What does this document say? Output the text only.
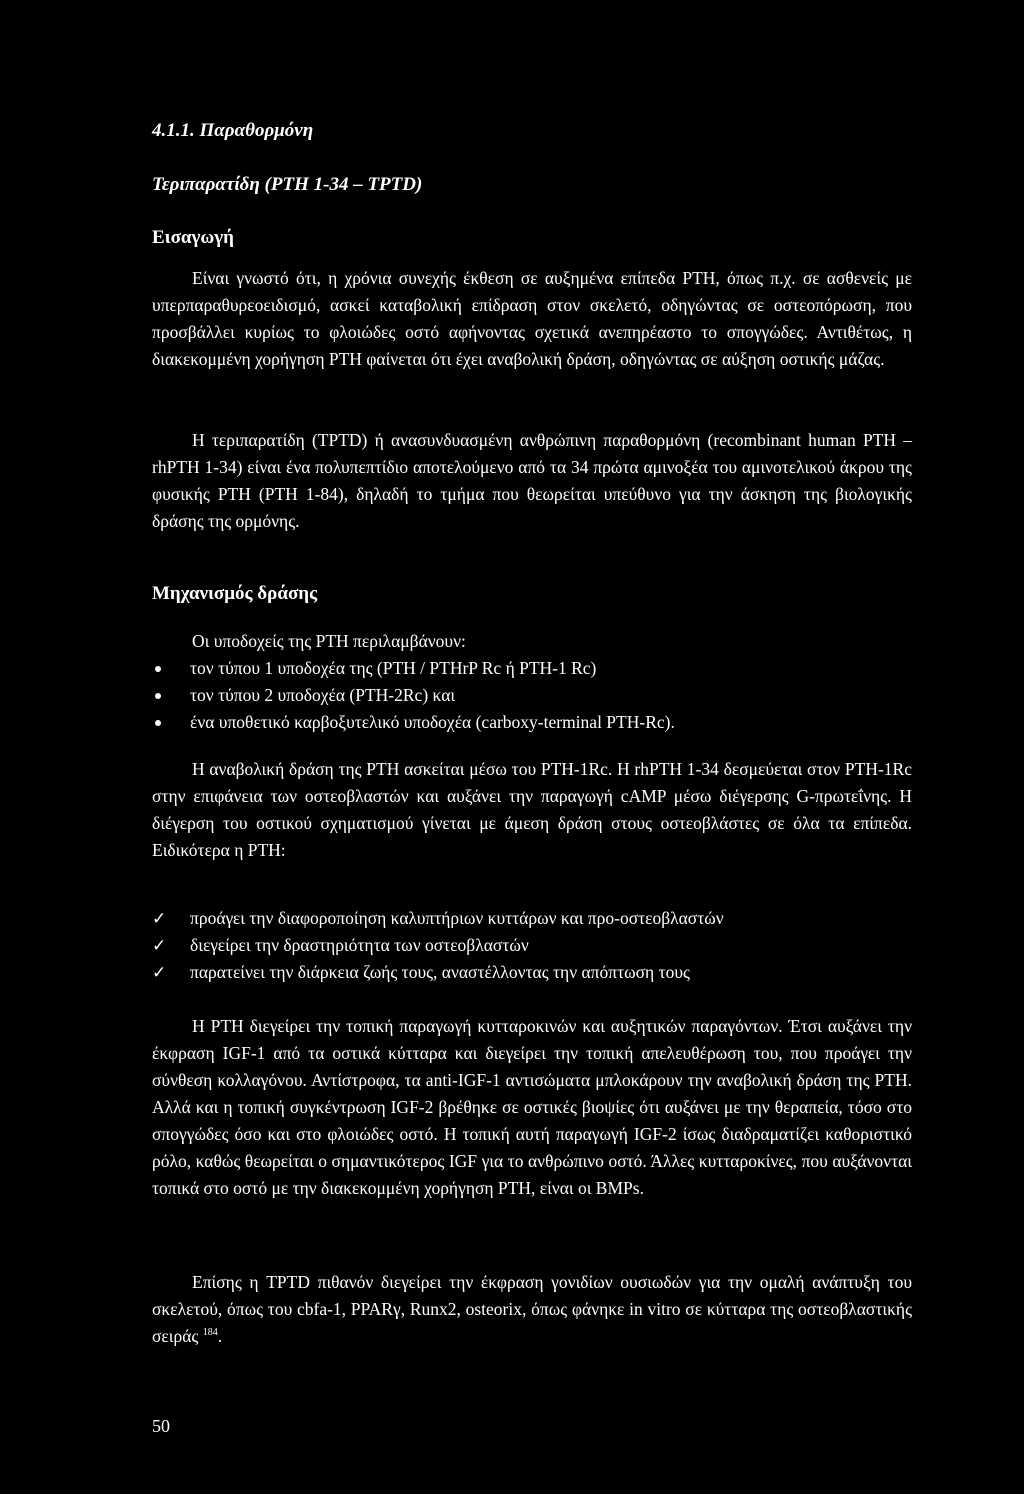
4.1.1. Παραθορμόνη
Τεριπαρατίδη (PTH 1-34 – TPTD)
Εισαγωγή

Είναι γνωστό ότι, η χρόνια συνεχής έκθεση σε αυξημένα επίπεδα PTH, όπως π.χ. σε ασθενείς με υπερπαραθυρεοειδισμό, ασκεί καταβολική επίδραση στον σκελετό, οδηγώντας σε οστεοπόρωση, που προσβάλλει κυρίως το φλοιώδες οστό αφήνοντας σχετικά ανεπηρέαστο το σπογγώδες. Αντιθέτως, η διακεκομμένη χορήγηση PTH φαίνεται ότι έχει αναβολική δράση, οδηγώντας σε αύξηση οστικής μάζας.

Η τεριπαρατίδη (TPTD) ή ανασυνδυασμένη ανθρώπινη παραθορμόνη (recombinant human PTH – rhPTH 1-34) είναι ένα πολυπεπτίδιο αποτελούμενο από τα 34 πρώτα αμινοξέα του αμινοτελικού άκρου της φυσικής PTH (PTH 1-84), δηλαδή το τμήμα που θεωρείται υπεύθυνο για την άσκηση της βιολογικής δράσης της ορμόνης.

Μηχανισμός δράσης
Οι υποδοχείς της PTH περιλαμβάνουν:
τον τύπου 1 υποδοχέα της (PTH / PTHrP Rc ή PTH-1 Rc)
τον τύπου 2 υποδοχέα (PTH-2Rc) και
ένα υποθετικό καρβοξυτελικό υποδοχέα (carboxy-terminal PTH-Rc).

Η αναβολική δράση της PTH ασκείται μέσω του PTH-1Rc. Η rhPTH 1-34 δεσμεύεται στον PTH-1Rc στην επιφάνεια των οστεοβλαστών και αυξάνει την παραγωγή cAMP μέσω διέγερσης G-πρωτεΐνης. Η διέγερση του οστικού σχηματισμού γίνεται με άμεση δράση στους οστεοβλάστες σε όλα τα επίπεδα. Ειδικότερα η PTH:

✓ προάγει την διαφοροποίηση καλυπτήριων κυττάρων και προ-οστεοβλαστών
✓ διεγείρει την δραστηριότητα των οστεοβλαστών
✓ παρατείνει την διάρκεια ζωής τους, αναστέλλοντας την απόπτωση τους

Η PTH διεγείρει την τοπική παραγωγή κυτταροκινών και αυξητικών παραγόντων. Έτσι αυξάνει την έκφραση IGF-1 από τα οστικά κύτταρα και διεγείρει την τοπική απελευθέρωση του, που προάγει την σύνθεση κολλαγόνου. Αντίστροφα, τα anti-IGF-1 αντισώματα μπλοκάρουν την αναβολική δράση της PTH. Αλλά και η τοπική συγκέντρωση IGF-2 βρέθηκε σε οστικές βιοψίες ότι αυξάνει με την θεραπεία, τόσο στο σπογγώδες όσο και στο φλοιώδες οστό. Η τοπική αυτή παραγωγή IGF-2 ίσως διαδραματίζει καθοριστικό ρόλο, καθώς θεωρείται ο σημαντικότερος IGF για το ανθρώπινο οστό. Άλλες κυτταροκίνες, που αυξάνονται τοπικά στο οστό με την διακεκομμένη χορήγηση PTH, είναι οι BMPs.

Επίσης η TPTD πιθανόν διεγείρει την έκφραση γονιδίων ουσιωδών για την ομαλή ανάπτυξη του σκελετού, όπως του cbfa-1, PPARγ, Runx2, osteorix, όπως φάνηκε in vitro σε κύτταρα της οστεοβλαστικής σειράς $^{184}$.

50
